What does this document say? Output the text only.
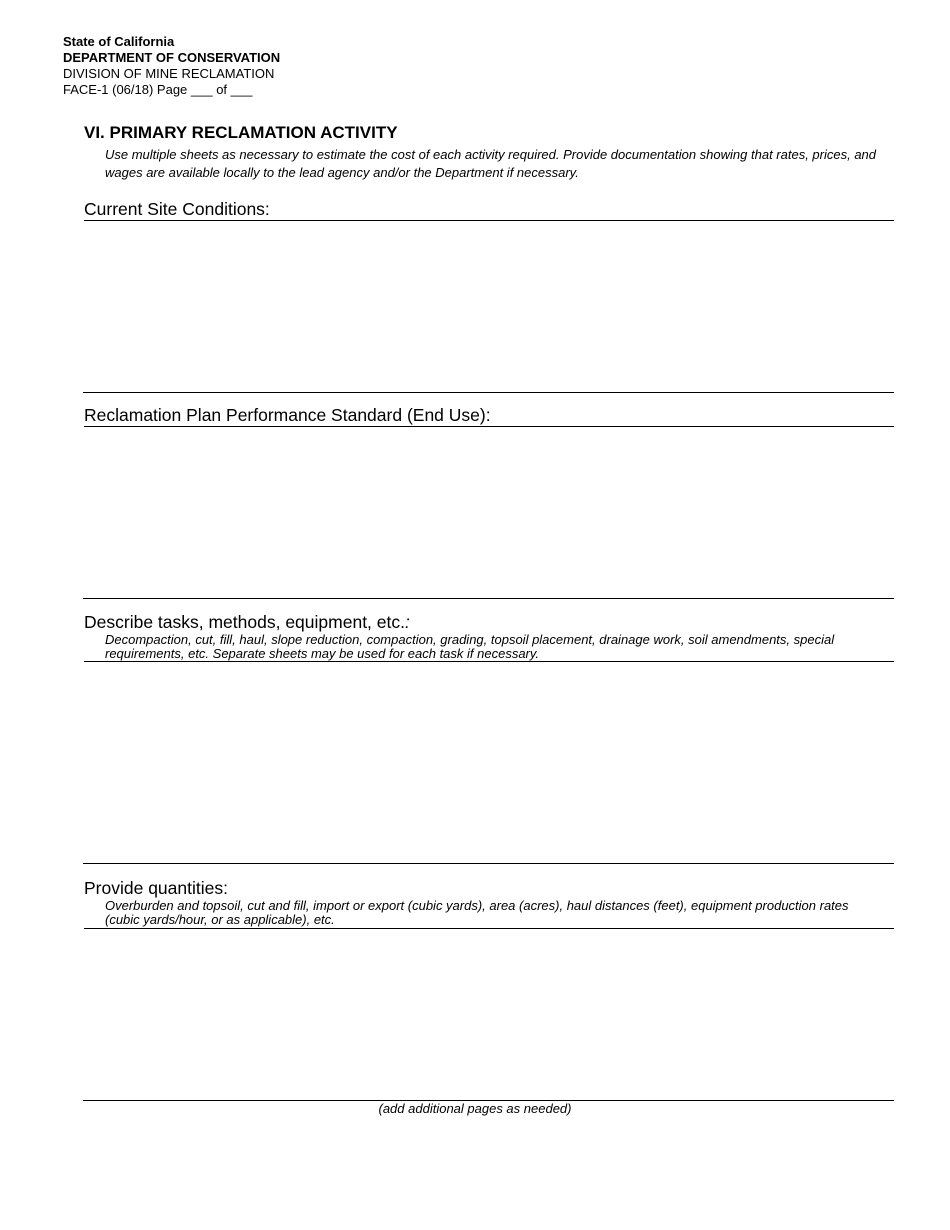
State of California
DEPARTMENT OF CONSERVATION
DIVISION OF MINE RECLAMATION
FACE-1 (06/18) Page ___ of ___
VI. PRIMARY RECLAMATION ACTIVITY
Use multiple sheets as necessary to estimate the cost of each activity required. Provide documentation showing that rates, prices, and wages are available locally to the lead agency and/or the Department if necessary.
Current Site Conditions:
Reclamation Plan Performance Standard (End Use):
Describe tasks, methods, equipment, etc.:
Decompaction, cut, fill, haul, slope reduction, compaction, grading, topsoil placement, drainage work, soil amendments, special requirements, etc. Separate sheets may be used for each task if necessary.
Provide quantities:
Overburden and topsoil, cut and fill, import or export (cubic yards), area (acres), haul distances (feet), equipment production rates (cubic yards/hour, or as applicable), etc.
(add additional pages as needed)
